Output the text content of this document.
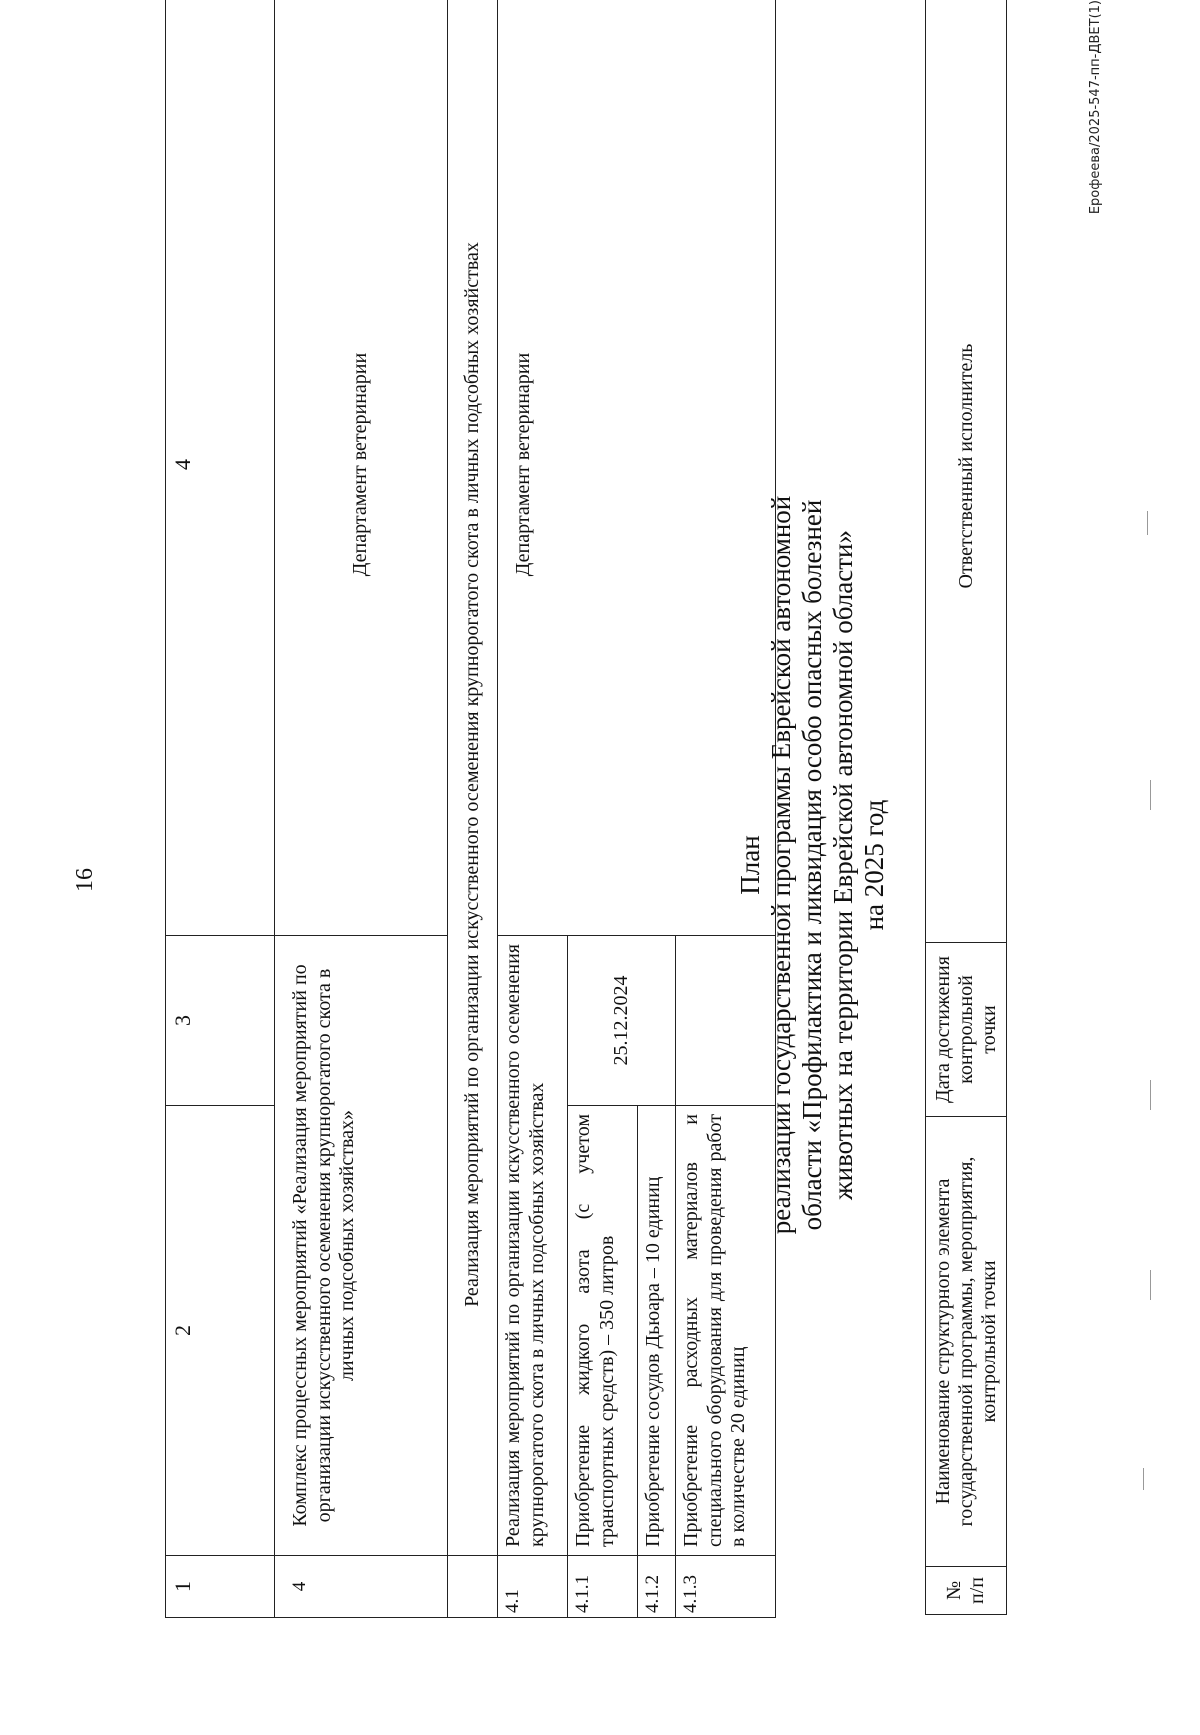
16
1	2	3	4
4	Комплекс процессных мероприятий «Реализация мероприятий по организации искусственного осеменения крупнорогатого скота в личных подсобных хозяйствах»		Департамент ветеринарии
	Реализация мероприятий по организации искусственного осеменения крупнорогатого скота в личных подсобных хозяйствах		
4.1	Реализация мероприятий по организации искусственного осеменения крупнорогатого скота в личных подсобных хозяйствах		Департамент ветеринарии
4.1.1	Приобретение жидкого азота (с учетом транспортных средств) – 350 литров	25.12.2024	
4.1.2	Приобретение сосудов Дьюара – 10 единиц		
4.1.3	Приобретение расходных материалов и специального оборудования для проведения работ в количестве 20 единиц		
План реализации государственной программы Еврейской автономной области «Профилактика и ликвидация особо опасных болезней животных на территории Еврейской автономной области» на 2025 год
№ п/п	Наименование структурного элемента государственной программы, мероприятия, контрольной точки	Дата достижения контрольной точки	Ответственный исполнитель
Ерофеева/2025-547-пп-ДВЕТ(1)
